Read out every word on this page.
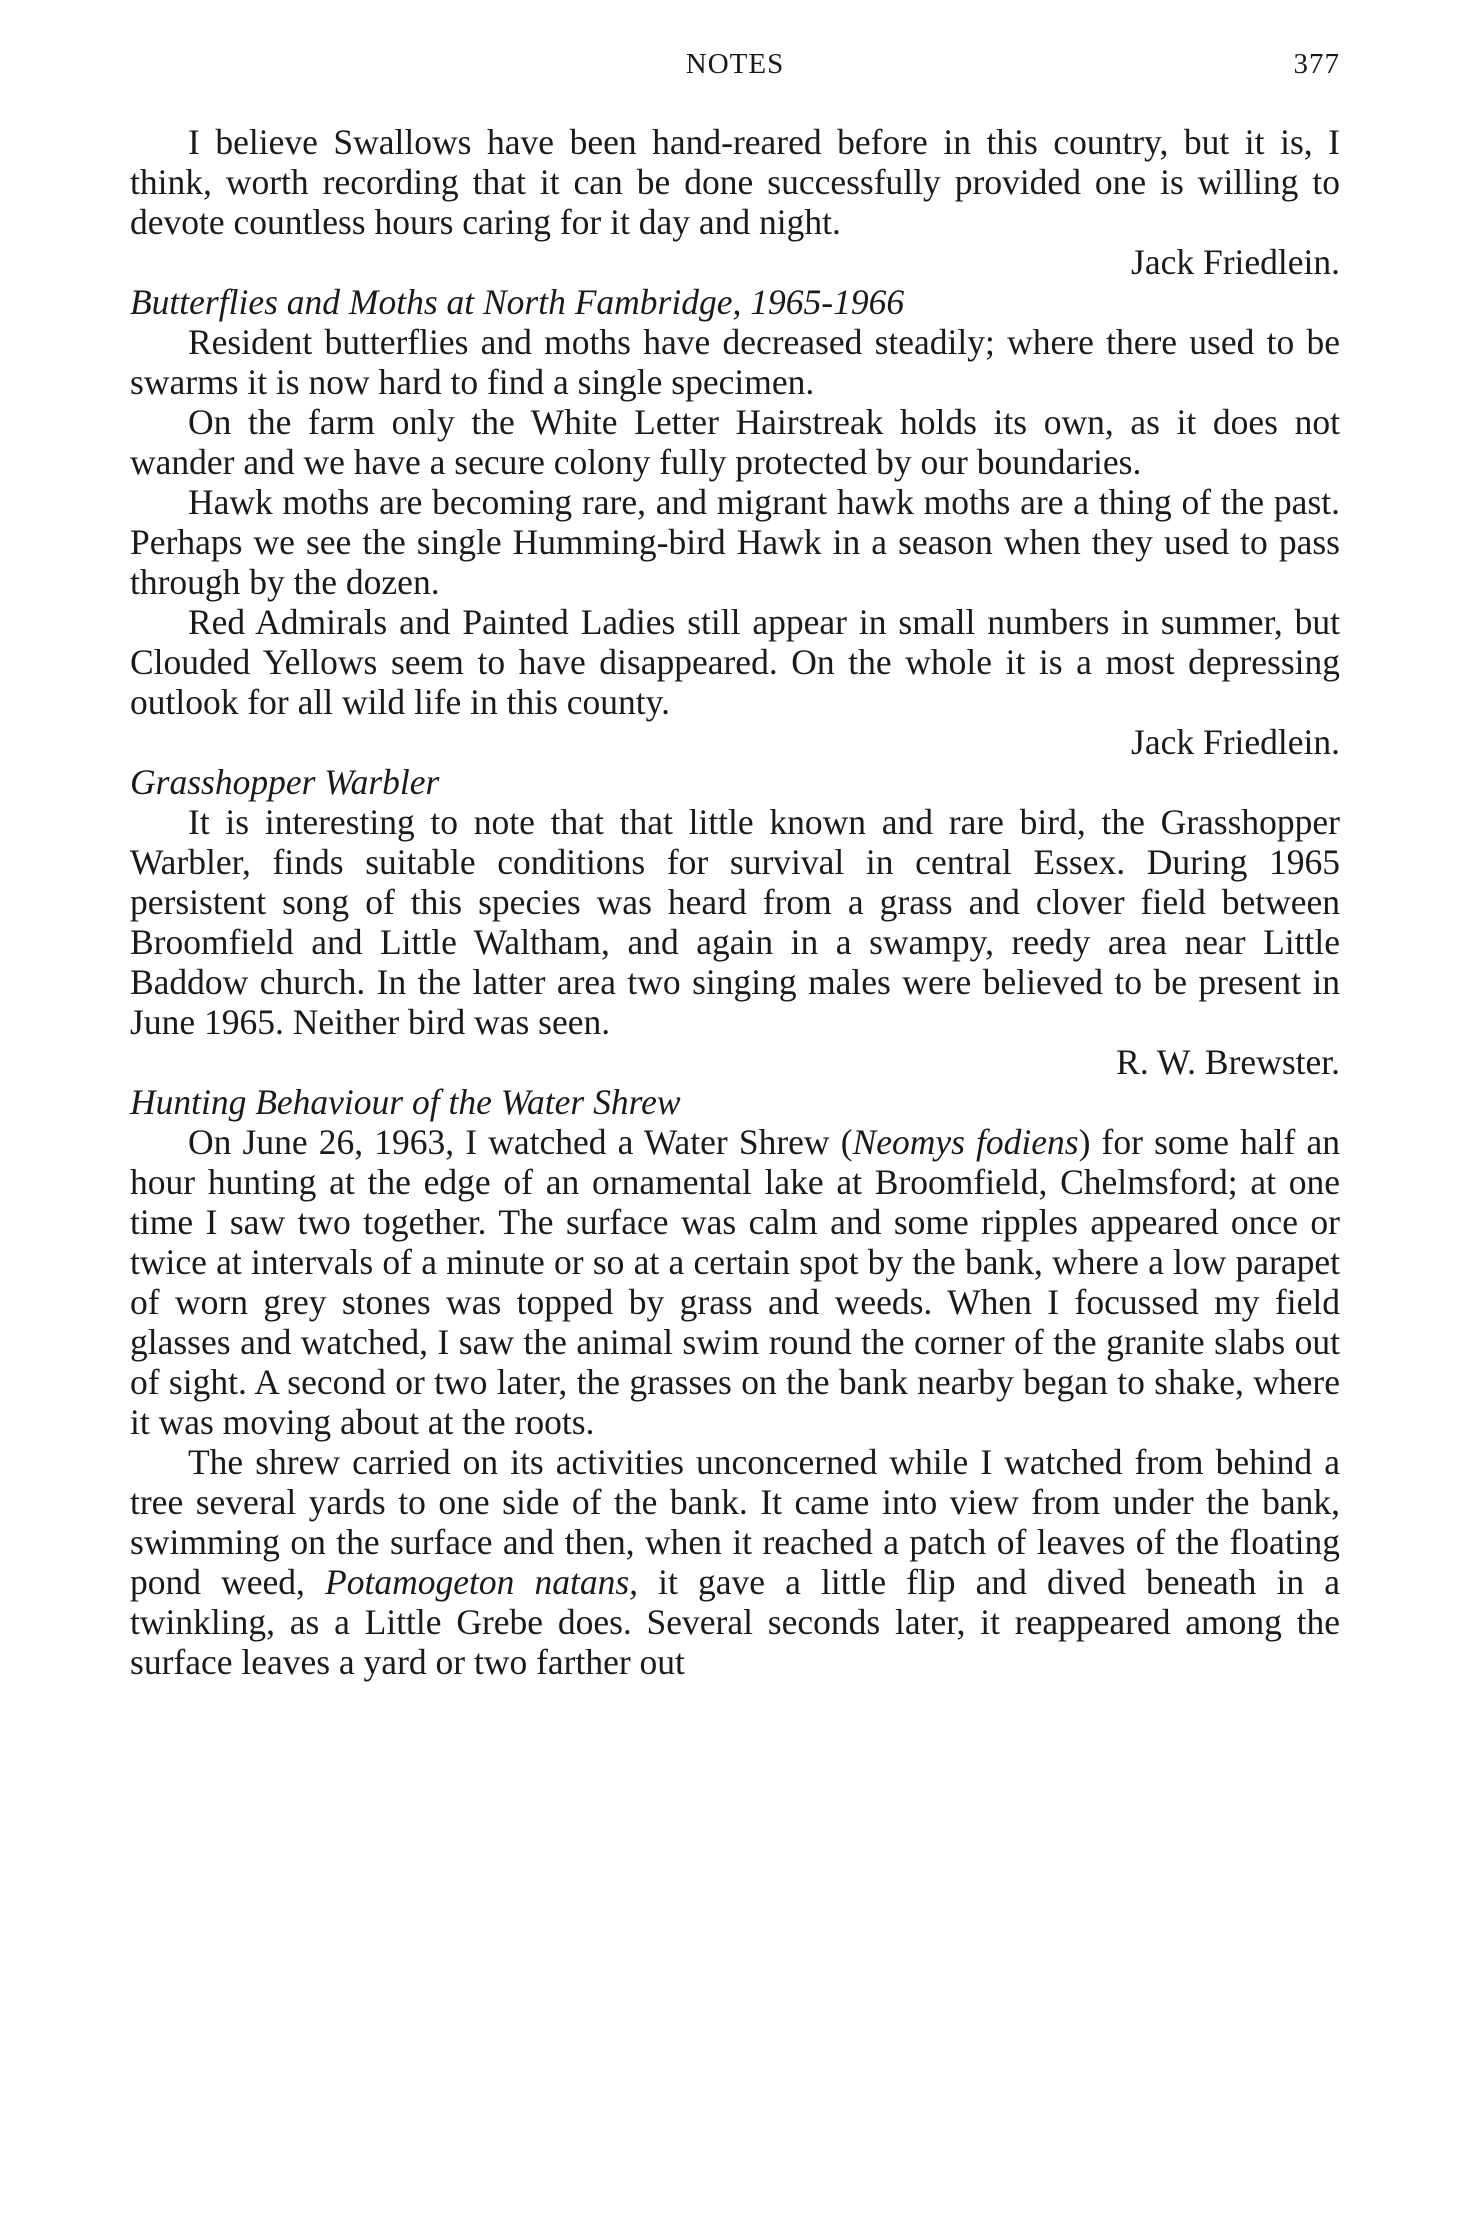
NOTES	377

I believe Swallows have been hand-reared before in this country, but it is, I think, worth recording that it can be done successfully provided one is willing to devote countless hours caring for it day and night.

Jack Friedlein.

Butterflies and Moths at North Fambridge, 1965-1966

Resident butterflies and moths have decreased steadily; where there used to be swarms it is now hard to find a single specimen.

On the farm only the White Letter Hairstreak holds its own, as it does not wander and we have a secure colony fully protected by our boundaries.

Hawk moths are becoming rare, and migrant hawk moths are a thing of the past. Perhaps we see the single Humming-bird Hawk in a season when they used to pass through by the dozen.

Red Admirals and Painted Ladies still appear in small numbers in summer, but Clouded Yellows seem to have disappeared. On the whole it is a most depressing outlook for all wild life in this county.

Jack Friedlein.

Grasshopper Warbler

It is interesting to note that that little known and rare bird, the Grasshopper Warbler, finds suitable conditions for survival in central Essex. During 1965 persistent song of this species was heard from a grass and clover field between Broomfield and Little Waltham, and again in a swampy, reedy area near Little Baddow church. In the latter area two singing males were believed to be present in June 1965. Neither bird was seen.

R. W. Brewster.

Hunting Behaviour of the Water Shrew

On June 26, 1963, I watched a Water Shrew (Neomys fodiens) for some half an hour hunting at the edge of an ornamental lake at Broomfield, Chelmsford; at one time I saw two together. The surface was calm and some ripples appeared once or twice at intervals of a minute or so at a certain spot by the bank, where a low parapet of worn grey stones was topped by grass and weeds. When I focussed my field glasses and watched, I saw the animal swim round the corner of the granite slabs out of sight. A second or two later, the grasses on the bank nearby began to shake, where it was moving about at the roots.

The shrew carried on its activities unconcerned while I watched from behind a tree several yards to one side of the bank. It came into view from under the bank, swimming on the surface and then, when it reached a patch of leaves of the floating pond weed, Potamogeton natans, it gave a little flip and dived beneath in a twinkling, as a Little Grebe does. Several seconds later, it reappeared among the surface leaves a yard or two farther out
